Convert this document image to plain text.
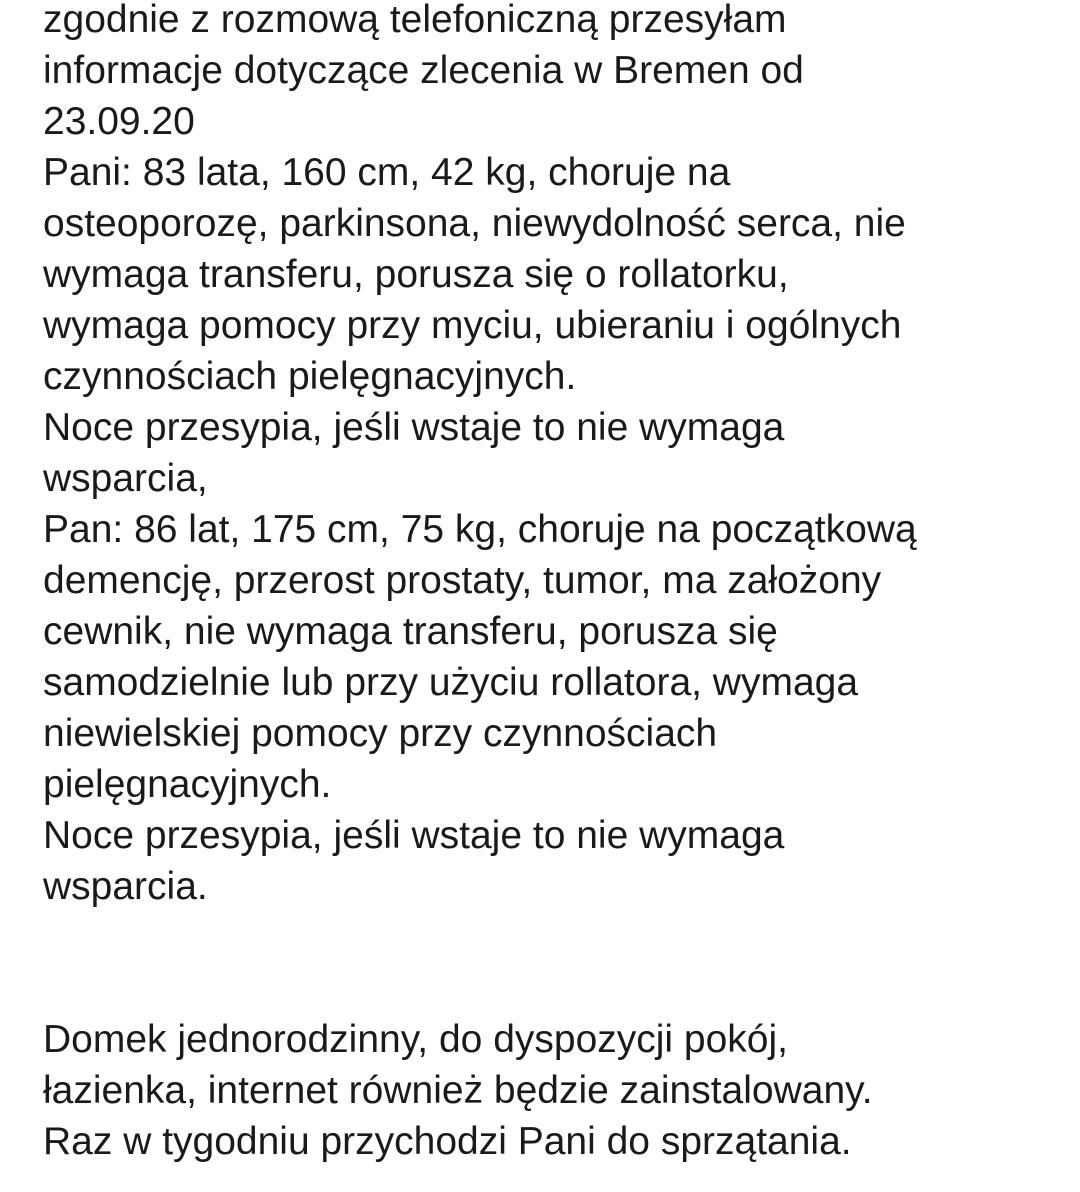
zgodnie z rozmową telefoniczną przesyłam
informacje dotyczące zlecenia w Bremen od
23.09.20
Pani: 83 lata, 160 cm, 42 kg, choruje na
osteoporozę, parkinsona, niewydolność serca, nie
wymaga transferu, porusza się o rollatorku,
wymaga pomocy przy myciu, ubieraniu i ogólnych
czynnościach pielęgnacyjnych.
Noce przesypia, jeśli wstaje to nie wymaga
wsparcia,
Pan: 86 lat, 175 cm, 75 kg, choruje na początkową
demencję, przerost prostaty, tumor, ma założony
cewnik, nie wymaga transferu, porusza się
samodzielnie lub przy użyciu rollatora, wymaga
niewielskiej pomocy przy czynnościach
pielęgnacyjnych.
Noce przesypia, jeśli wstaje to nie wymaga
wsparcia.
Domek jednorodzinny, do dyspozycji pokój,
łazienka, internet również będzie zainstalowany.
Raz w tygodniu przychodzi Pani do sprzątania.
